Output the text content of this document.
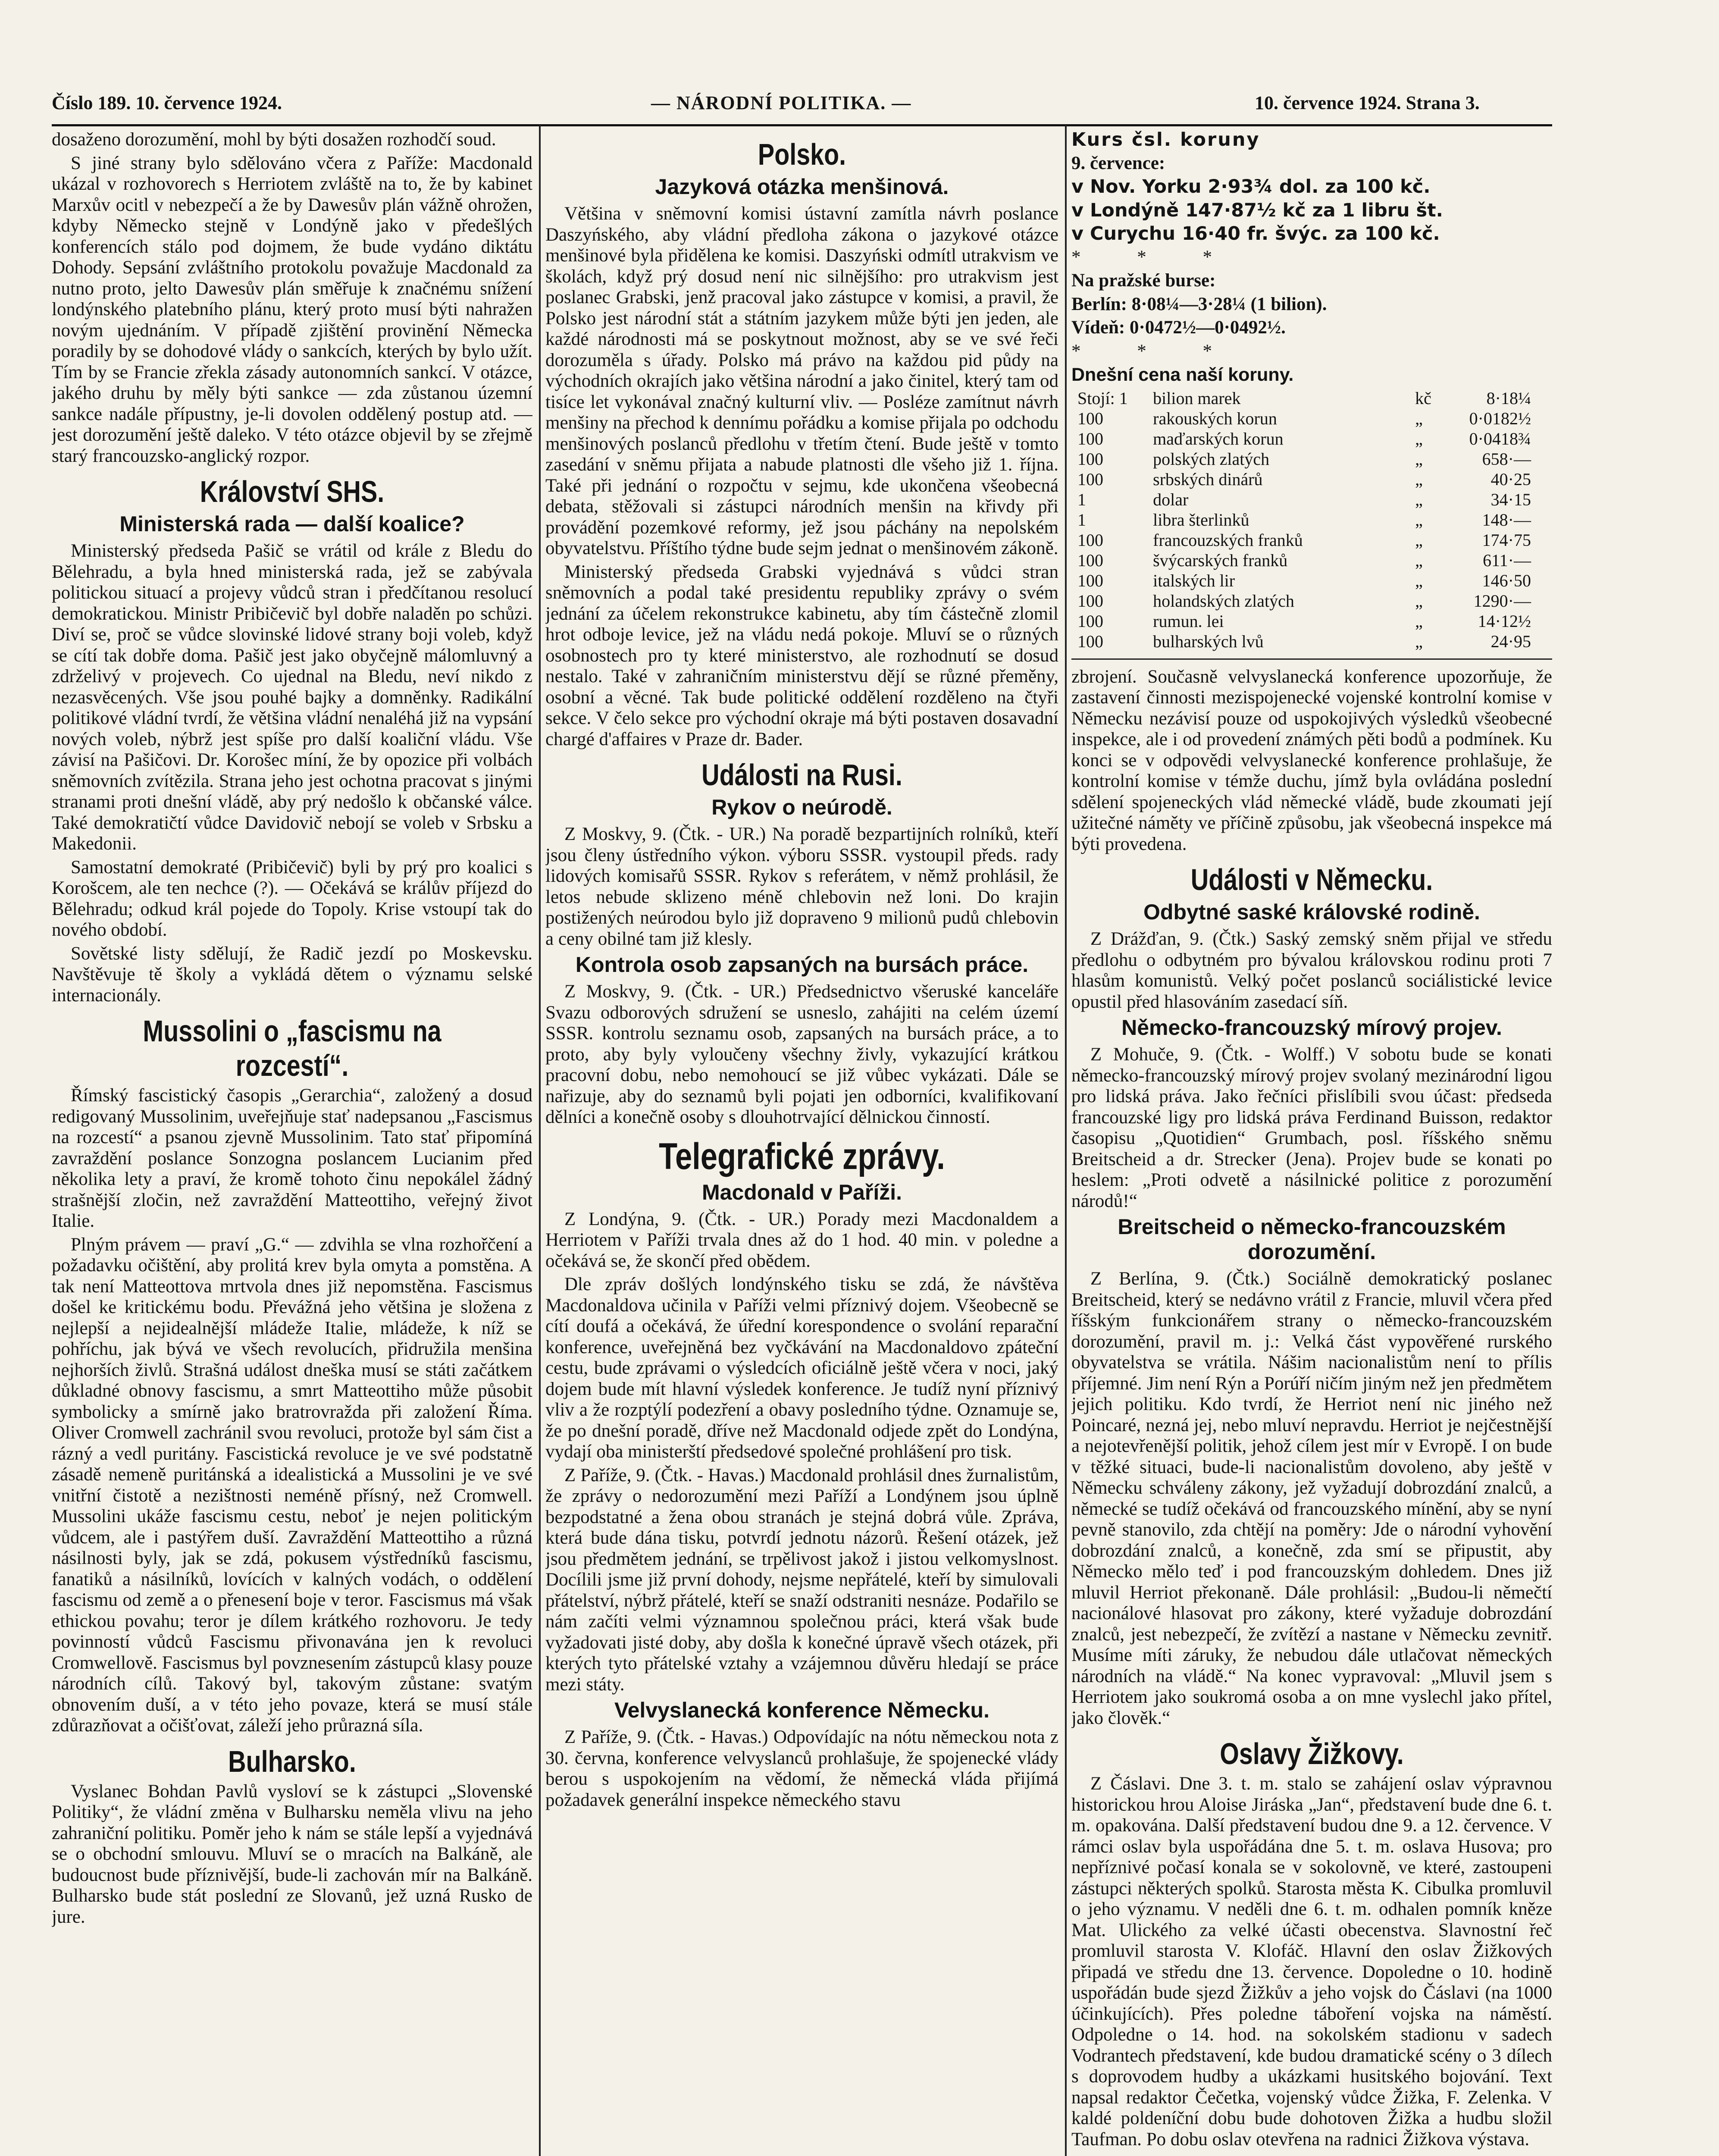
Číslo 189. 10. července 1924.	— NÁRODNÍ POLITIKA. —	10. července 1924. Strana 3.

dosaženo dorozumění, mohl by býti dosažen rozhodčí soud.

S jiné strany bylo sdělováno včera z Paříže: Macdonald ukázal v rozhovorech s Herriotem zvláště na to, že by kabinet Marxův ocitl v nebezpečí a že by Dawesův plán vážně ohrožen, kdyby Německo stejně v Londýně jako v předešlých konferencích stálo pod dojmem, že bude vydáno diktátu Dohody. Sepsání zvláštního protokolu považuje Macdonald za nutno proto, jelto Dawesův plán směřuje k značnému snížení londýnského platebního plánu, který proto musí býti nahražen novým ujednáním. V případě zjištění provinění Německa poradily by se dohodové vlády o sankcích, kterých by bylo užít. Tím by se Francie zřekla zásady autonomních sankcí. V otázce, jakého druhu by měly býti sankce — zda zůstanou územní sankce nadále přípustny, je-li dovolen oddělený postup atd. — jest dorozumění ještě daleko. V této otázce objevil by se zřejmě starý francouzsko-anglický rozpor.

Království SHS.
Ministerská rada — další koalice?

Ministerský předseda Pašič se vrátil od krále z Bledu do Bělehradu, a byla hned ministerská rada, jež se zabývala politickou situací a projevy vůdců stran i předčítanou resolucí demokratickou. Ministr Pribičevič byl dobře naladěn po schůzi. Diví se, proč se vůdce slovinské lidové strany boji voleb, když se cítí tak dobře doma. Pašič jest jako obyčejně málomluvný a zdrželivý v projevech. Co ujednal na Bledu, neví nikdo z nezasvěcených. Vše jsou pouhé bajky a domněnky. Radikální politikové vládní tvrdí, že většina vládní nenaléhá již na vypsání nových voleb, nýbrž jest spíše pro další koaliční vládu. Vše závisí na Pašičovi. Dr. Korošec míní, že by opozice při volbách sněmovních zvítězila. Strana jeho jest ochotna pracovat s jinými stranami proti dnešní vládě, aby prý nedošlo k občanské válce. Také demokratičtí vůdce Davidovič nebojí se voleb v Srbsku a Makedonii.

Samostatní demokraté (Pribičevič) byli by prý pro koalici s Korošcem, ale ten nechce (?). — Očekává se králův příjezd do Bělehradu; odkud král pojede do Topoly. Krise vstoupí tak do nového období.

Sovětské listy sdělují, že Radič jezdí po Moskevsku. Navštěvuje tě školy a vykládá dětem o významu selské internacionály.

Mussolini o „fascismu na rozcestí“.

Římský fascistický časopis „Gerarchia“, založený a dosud redigovaný Mussolinim, uveřejňuje stať nadepsanou „Fascismus na rozcestí“ a psanou zjevně Mussolinim. Tato stať připomíná zavraždění poslance Sonzogna poslancem Lucianim před několika lety a praví, že kromě tohoto činu nepokálel žádný strašnější zločin, než zavraždění Matteottiho, veřejný život Italie.

Plným právem — praví „G.“ — zdvihla se vlna rozhořčení a požadavku očištění, aby prolitá krev byla omyta a pomstěna. A tak není Matteottova mrtvola dnes již nepomstěna. Fascismus došel ke kritickému bodu. Převážná jeho většina je složena z nejlepší a nejidealnější mládeže Italie, mládeže, k níž se pohříchu, jak bývá ve všech revolucích, přidružila menšina nejhorších živlů. Strašná událost dneška musí se státi začátkem důkladné obnovy fascismu, a smrt Matteottiho může působit symbolicky a smírně jako bratrovražda při založení Říma. Oliver Cromwell zachránil svou revoluci, protože byl sám čist a rázný a vedl puritány. Fascistická revoluce je ve své podstatně zásadě nemeně puritánská a idealistická a Mussolini je ve své vnitřní čistotě a nezištnosti neméně přísný, než Cromwell. Mussolini ukáže fascismu cestu, neboť je nejen politickým vůdcem, ale i pastýřem duší. Zavraždění Matteottiho a různá násilnosti byly, jak se zdá, pokusem výstředníků fascismu, fanatiků a násilníků, lovících v kalných vodách, o oddělení fascismu od země a o přenesení boje v teror. Fascismus má však ethickou povahu; teror je dílem krátkého rozhovoru. Je tedy povinností vůdců Fascismu přivonavána jen k revoluci Cromwellově. Fascismus byl povznesením zástupců klasy pouze národních cílů. Takový byl, takovým zůstane: svatým obnovením duší, a v této jeho povaze, která se musí stále zdůrazňovat a očišťovat, záleží jeho průrazná síla.

Bulharsko.

Vyslanec Bohdan Pavlů vysloví se k zástupci „Slovenské Politiky“, že vládní změna v Bulharsku neměla vlivu na jeho zahraniční politiku. Poměr jeho k nám se stále lepší a vyjednává se o obchodní smlouvu. Mluví se o mracích na Balkáně, ale budoucnost bude příznivější, bude-li zachován mír na Balkáně. Bulharsko bude stát poslední ze Slovanů, jež uzná Rusko de jure.

Polsko.
Jazyková otázka menšinová.

Většina v sněmovní komisi ústavní zamítla návrh poslance Daszyńského, aby vládní předloha zákona o jazykové otázce menšinové byla přidělena ke komisi. Daszyński odmítl utrakvism ve školách, když prý dosud není nic silnějšího: pro utrakvism jest poslanec Grabski, jenž pracoval jako zástupce v komisi, a pravil, že Polsko jest národní stát a státním jazykem může býti jen jeden, ale každé národnosti má se poskytnout možnost, aby se ve své řeči dorozuměla s úřady. Polsko má právo na každou pid půdy na východních okrajích jako většina národní a jako činitel, který tam od tisíce let vykonával značný kulturní vliv. — Posléze zamítnut návrh menšiny na přechod k dennímu pořádku a komise přijala po odchodu menšinových poslanců předlohu v třetím čtení. Bude ještě v tomto zasedání v sněmu přijata a nabude platnosti dle všeho již 1. října. Také při jednání o rozpočtu v sejmu, kde ukončena všeobecná debata, stěžovali si zástupci národních menšin na křivdy při provádění pozemkové reformy, jež jsou páchány na nepolském obyvatelstvu. Příštího týdne bude sejm jednat o menšinovém zákoně.

Ministerský předseda Grabski vyjednává s vůdci stran sněmovních a podal také presidentu republiky zprávy o svém jednání za účelem rekonstrukce kabinetu, aby tím částečně zlomil hrot odboje levice, jež na vládu nedá pokoje. Mluví se o různých osobnostech pro ty které ministerstvo, ale rozhodnutí se dosud nestalo. Také v zahraničním ministerstvu dějí se různé přeměny, osobní a věcné. Tak bude politické oddělení rozděleno na čtyři sekce. V čelo sekce pro východní okraje má býti postaven dosavadní chargé d'affaires v Praze dr. Bader.

Události na Rusi.
Rykov o neúrodě.

Z Moskvy, 9. (Čtk. - UR.) Na poradě bezpartijních rolníků, kteří jsou členy ústředního výkon. výboru SSSR. vystoupil předs. rady lidových komisařů SSSR. Rykov s referátem, v němž prohlásil, že letos nebude sklizeno méně chlebovin než loni. Do krajin postižených neúrodou bylo již dopraveno 9 milionů pudů chlebovin a ceny obilné tam již klesly.

Kontrola osob zapsaných na bursách práce.

Z Moskvy, 9. (Čtk. - UR.) Předsednictvo všeruské kanceláře Svazu odborových sdružení se usneslo, zahájiti na celém území SSSR. kontrolu seznamu osob, zapsaných na bursách práce, a to proto, aby byly vyloučeny všechny živly, vykazující krátkou pracovní dobu, nebo nemohoucí se již vůbec vykázati. Dále se nařizuje, aby do seznamů byli pojati jen odborníci, kvalifikovaní dělníci a konečně osoby s dlouhotrvající dělnickou činností.

Telegrafické zprávy.
Macdonald v Paříži.

Z Londýna, 9. (Čtk. - UR.) Porady mezi Macdonaldem a Herriotem v Paříži trvala dnes až do 1 hod. 40 min. v poledne a očekává se, že skončí před obědem.

Dle zpráv došlých londýnského tisku se zdá, že návštěva Macdonaldova učinila v Paříži velmi příznivý dojem. Všeobecně se cítí doufá a očekává, že úřední korespondence o svolání reparační konference, uveřejněná bez vyčkávání na Macdonaldovo zpáteční cestu, bude zprávami o výsledcích oficiálně ještě včera v noci, jaký dojem bude mít hlavní výsledek konference. Je tudíž nyní příznivý vliv a že rozptýlí podezření a obavy posledního týdne. Oznamuje se, že po dnešní poradě, dříve než Macdonald odjede zpět do Londýna, vydají oba ministerští předsedové společné prohlášení pro tisk.

Z Paříže, 9. (Čtk. - Havas.) Macdonald prohlásil dnes žurnalistům, že zprávy o nedorozumění mezi Paříží a Londýnem jsou úplně bezpodstatné a žena obou stranách je stejná dobrá vůle. Zpráva, která bude dána tisku, potvrdí jednotu názorů. Řešení otázek, jež jsou předmětem jednání, se trpělivost jakož i jistou velkomyslnost. Docílili jsme již první dohody, nejsme nepřátelé, kteří by simulovali přátelství, nýbrž přátelé, kteří se snaží odstraniti nesnáze. Podařilo se nám začíti velmi významnou společnou práci, která však bude vyžadovati jisté doby, aby došla k konečné úpravě všech otázek, při kterých tyto přátelské vztahy a vzájemnou důvěru hledají se práce mezi státy.

Velvyslanecká konference Německu.

Z Paříže, 9. (Čtk. - Havas.) Odpovídajíc na nótu německou nota z 30. června, konference velvyslanců prohlašuje, že spojenecké vlády berou s uspokojením na vědomí, že německá vláda přijímá požadavek generální inspekce německého stavu

Kurs čsl. koruny

9. července:

v Nov. Yorku 2·93¾ dol. za 100 kč.

v Londýně 147·87½ kč za 1 libru št.

v Curychu 16·40 fr. švýc. za 100 kč.

* * *

Na pražské burse:

Berlín: 8·08¼—3·28¼ (1 bilion).

Vídeň: 0·0472½—0·0492½.

* * *

Dnešní cena naší koruny.

Stojí: 1	bilion marek	kč	8·18¼
100	rakouských korun	„	0·0182½
100	maďarských korun	„	0·0418¾
100	polských zlatých	„	658·—
100	srbských dinárů	„	40·25
1	dolar	„	34·15
1	libra šterlinků	„	148·—
100	francouzských franků	„	174·75
100	švýcarských franků	„	611·—
100	italských lir	„	146·50
100	holandských zlatých	„	1290·—
100	rumun. lei	„	14·12½
100	bulharských lvů	„	24·95

zbrojení. Současně velvyslanecká konference upozorňuje, že zastavení činnosti mezispojenecké vojenské kontrolní komise v Německu nezávisí pouze od uspokojivých výsledků všeobecné inspekce, ale i od provedení známých pěti bodů a podmínek. Ku konci se v odpovědi velvyslanecké konference prohlašuje, že kontrolní komise v témže duchu, jímž byla ovládána poslední sdělení spojeneckých vlád německé vládě, bude zkoumati její užitečné náměty ve příčině způsobu, jak všeobecná inspekce má býti provedena.

Události v Německu.
Odbytné saské královské rodině.

Z Drážďan, 9. (Čtk.) Saský zemský sněm přijal ve středu předlohu o odbytném pro bývalou královskou rodinu proti 7 hlasům komunistů. Velký počet poslanců sociálistické levice opustil před hlasováním zasedací síň.

Německo-francouzský mírový projev.

Z Mohuče, 9. (Čtk. - Wolff.) V sobotu bude se konati německo-francouzský mírový projev svolaný mezinárodní ligou pro lidská práva. Jako řečníci přislíbili svou účast: předseda francouzské ligy pro lidská práva Ferdinand Buisson, redaktor časopisu „Quotidien“ Grumbach, posl. říšského sněmu Breitscheid a dr. Strecker (Jena). Projev bude se konati po heslem: „Proti odvetě a násilnické politice z porozumění národů!“

Breitscheid o německo-francouzském dorozumění.

Z Berlína, 9. (Čtk.) Sociálně demokratický poslanec Breitscheid, který se nedávno vrátil z Francie, mluvil včera před říšským funkcionářem strany o německo-francouzském dorozumění, pravil m. j.: Velká část vypověřené rurského obyvatelstva se vrátila. Nášim nacionalistům není to přílis příjemné. Jim není Rýn a Porúří ničím jiným než jen předmětem jejich politiku. Kdo tvrdí, že Herriot není nic jiného než Poincaré, nezná jej, nebo mluví nepravdu. Herriot je nejčestnější a nejotevřenější politik, jehož cílem jest mír v Evropě. I on bude v těžké situaci, bude-li nacionalistům dovoleno, aby ještě v Německu schváleny zákony, jež vyžadují dobrozdání znalců, a německé se tudíž očekává od francouzského mínění, aby se nyní pevně stanovilo, zda chtějí na poměry: Jde o národní vyhovění dobrozdání znalců, a konečně, zda smí se připustit, aby Německo mělo teď i pod francouzským dohledem. Dnes již mluvil Herriot překonaně. Dále prohlásil: „Budou-li němečtí nacionálové hlasovat pro zákony, které vyžaduje dobrozdání znalců, jest nebezpečí, že zvítězí a nastane v Německu zevnitř. Musíme míti záruky, že nebudou dále utlačovat německých národních na vládě.“ Na konec vypravoval: „Mluvil jsem s Herriotem jako soukromá osoba a on mne vyslechl jako přítel, jako člověk.“

Oslavy Žižkovy.

Z Čáslavi. Dne 3. t. m. stalo se zahájení oslav výpravnou historickou hrou Aloise Jiráska „Jan“, představení bude dne 6. t. m. opakována. Další představení budou dne 9. a 12. července. V rámci oslav byla uspořádána dne 5. t. m. oslava Husova; pro nepříznivé počasí konala se v sokolovně, ve které, zastoupeni zástupci některých spolků. Starosta města K. Cibulka promluvil o jeho významu. V neděli dne 6. t. m. odhalen pomník kněze Mat. Ulického za velké účasti obecenstva. Slavnostní řeč promluvil starosta V. Klofáč. Hlavní den oslav Žižkových připadá ve středu dne 13. července. Dopoledne o 10. hodině uspořádán bude sjezd Žižkův a jeho vojsk do Čáslavi (na 1000 účinkujících). Přes poledne táboření vojska na náměstí. Odpoledne o 14. hod. na sokolském stadionu v sadech Vodrantech představení, kde budou dramatické scény o 3 dílech s doprovodem hudby a ukázkami husitského bojování. Text napsal redaktor Čečetka, vojenský vůdce Žižka, F. Zelenka. V kaldé poldeníční dobu bude dohotoven Žižka a hudbu složil Taufman. Po dobu oslav otevřena na radnici Žižkova výstava.
